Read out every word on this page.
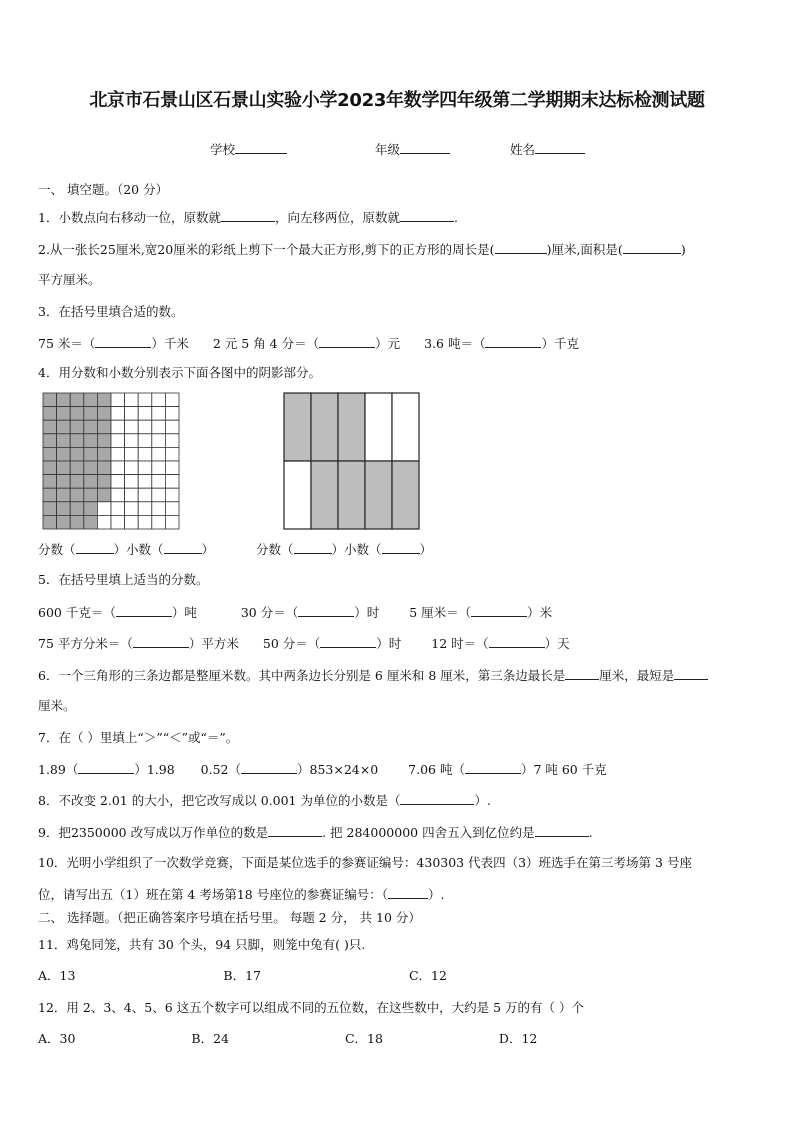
北京市石景山区石景山实验小学2023年数学四年级第二学期期末达标检测试题
学校	年级	姓名
一、 填空题。（20 分）
1．小数点向右移动一位，原数就	，向左移两位，原数就	.
2.从一张长25厘米,宽20厘米的彩纸上剪下一个最大正方形,剪下的正方形的周长是(	)厘米,面积是(	)
平方厘米。
3．在括号里填合适的数。
75 米＝（	）千米 2 元 5 角 4 分＝（	）元 3.6 吨＝（	）千克
4．用分数和小数分别表示下面各图中的阴影部分。
分数（	）小数（	）	分数（	）小数（	）
5．在括号里填上适当的分数。
600 千克＝（	）吨	30 分＝（	）时 5 厘米＝（	）米
75 平方分米＝（	）平方米 50 分＝（	）时 12 时＝（	）天
6．一个三角形的三条边都是整厘米数。其中两条边长分别是 6 厘米和 8 厘米，第三条边最长是	厘米，最短是
厘米。
7．在（ ）里填上“＞”“＜”或“＝”。
1.89（	）1.98 0.52（	）853×24×0 7.06 吨（	）7 吨 60 千克
8．不改变 2.01 的大小，把它改写成以 0.001 为单位的小数是（	）.
9．把2350000 改写成以万作单位的数是	. 把 284000000 四舍五入到亿位约是	.
10．光明小学组织了一次数学竞赛，下面是某位选手的参赛证编号：430303 代表四（3）班选手在第三考场第 3 号座
位，请写出五（1）班在第 4 考场第18 号座位的参赛证编号：（	）.
二、 选择题。（把正确答案序号填在括号里。 每题 2 分， 共 10 分）
11．鸡兔同笼，共有 30 个头，94 只脚，则笼中兔有( )只.
A．13	B．17	C．12
12．用 2、3、4、5、6 这五个数字可以组成不同的五位数，在这些数中，大约是 5 万的有（ ）个
A．30	B．24	C．18	D．12
